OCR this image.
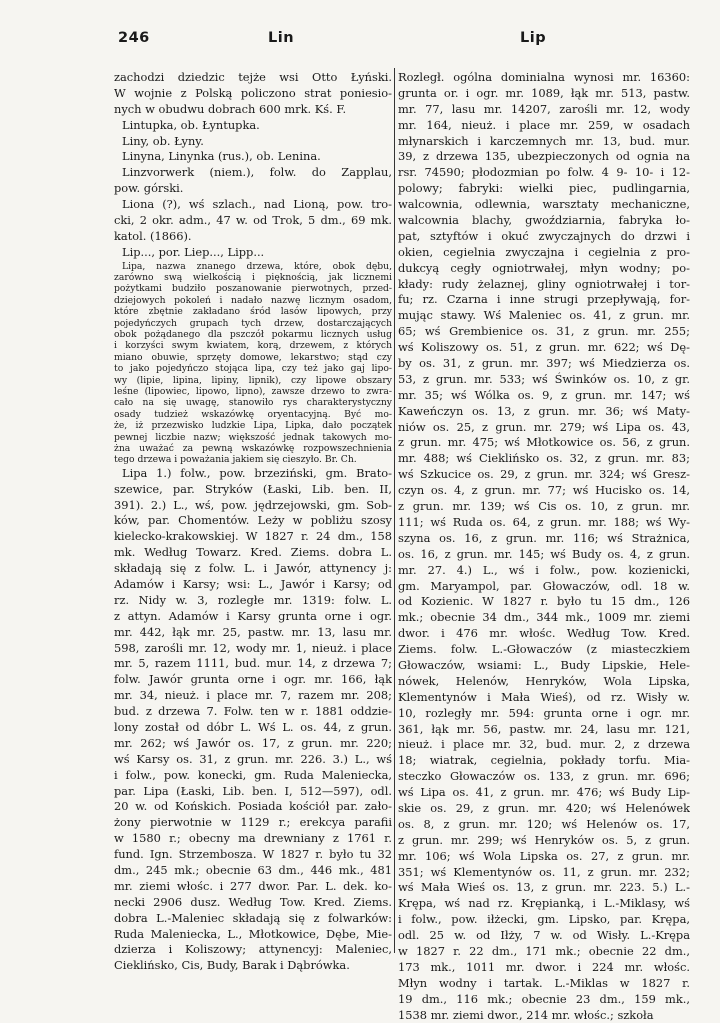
246	Lin	Lip
zachodzi dziedzic tejże wsi Otto Łyński.
W wojnie z Polską policzono strat poniesio-
nych w obudwu dobrach 600 mrk. Kś. F.
Lintupka, ob. Łyntupka.
Liny, ob. Łyny.
Linyna, Linynka (rus.), ob. Lenina.
Linzvorwerk (niem.), folw. do Zapplau,
pow. górski.
Liona (?), wś szlach., nad Lioną, pow. tro-
cki, 2 okr. adm., 47 w. od Trok, 5 dm., 69 mk.
katol. (1866).
Lip..., por. Liep..., Lipp...
Lipa, nazwa znanego drzewa, które, obok dębu,
zarówno swą wielkością i pięknością, jak licznemi
pożytkami budziło poszanowanie pierwotnych, przed-
dziejowych pokoleń i nadało nazwę licznym osadom,
które zbętnie zakładano śród lasów lipowych, przy
pojedyńczych grupach tych drzew, dostarczających
obok pożądanego dla pszczół pokarmu licznych usług
i korzyści swym kwiatem, korą, drzewem, z których
miano obuwie, sprzęty domowe, lekarstwo; stąd czy
to jako pojedyńczo stojąca lipa, czy też jako gaj lipo-
wy (lipie, lipina, lipiny, lipnik), czy lipowe obszary
leśne (lipowiec, lipowo, lipno), zawsze drzewo to zwra-
cało na się uwagę, stanowiło rys charakterystyczny
osady tudzież wskazówkę oryentacyjną. Być mo-
że, iż przezwisko ludzkie Lipa, Lipka, dało początek
pewnej liczbie nazw; większość jednak takowych mo-
żna uważać za pewną wskazówkę rozpowszechnienia
tego drzewa i poważania jakiem się cieszyło. Br. Ch.
Lipa 1.) folw., pow. brzeziński, gm. Brato-
szewice, par. Stryków (Łaski, Lib. ben. II,
391). 2.) L., wś, pow. jędrzejowski, gm. Sob-
ków, par. Chomentów. Leży w pobliżu szosy
kielecko-krakowskiej. W 1827 r. 24 dm., 158
mk. Według Towarz. Kred. Ziems. dobra L.
składają się z folw. L. i Jawór, attynency j:
Adamów i Karsy; wsi: L., Jawór i Karsy; od
rz. Nidy w. 3, rozległe mr. 1319: folw. L.
z attyn. Adamów i Karsy grunta orne i ogr.
mr. 442, łąk mr. 25, pastw. mr. 13, lasu mr.
598, zarośli mr. 12, wody mr. 1, nieuż. i place
mr. 5, razem 1111, bud. mur. 14, z drzewa 7;
folw. Jawór grunta orne i ogr. mr. 166, łąk
mr. 34, nieuż. i place mr. 7, razem mr. 208;
bud. z drzewa 7. Folw. ten w r. 1881 oddzie-
lony został od dóbr L. Wś L. os. 44, z grun.
mr. 262; wś Jawór os. 17, z grun. mr. 220;
wś Karsy os. 31, z grun. mr. 226. 3.) L., wś
i folw., pow. konecki, gm. Ruda Maleniecka,
par. Lipa (Łaski, Lib. ben. I, 512—597), odl.
20 w. od Końskich. Posiada kościół par. zało-
żony pierwotnie w 1129 r.; erekcya parafii
w 1580 r.; obecny ma drewniany z 1761 r.
fund. Ign. Strzembosza. W 1827 r. było tu 32
dm., 245 mk.; obecnie 63 dm., 446 mk., 481
mr. ziemi włośc. i 277 dwor. Par. L. dek. ko-
necki 2906 dusz. Według Tow. Kred. Ziems.
dobra L.-Maleniec składają się z folwarków:
Ruda Maleniecka, L., Młotkowice, Dębe, Mie-
dzierza i Koliszowy; attynencyj: Maleniec,
Cieklińsko, Cis, Budy, Barak i Dąbrówka.
Rozległ. ogólna dominialna wynosi mr. 16360:
grunta or. i ogr. mr. 1089, łąk mr. 513, pastw.
mr. 77, lasu mr. 14207, zarośli mr. 12, wody
mr. 164, nieuż. i place mr. 259, w osadach
młynarskich i karczemnych mr. 13, bud. mur.
39, z drzewa 135, ubezpieczonych od ognia na
rsr. 74590; płodozmian po folw. 4 9- 10- i 12-
polowy; fabryki: wielki piec, pudlingarnia,
walcownia, odlewnia, warsztaty mechaniczne,
walcownia blachy, gwoździarnia, fabryka ło-
pat, sztyftów i okuć zwyczajnych do drzwi i
okien, cegielnia zwyczajna i cegielnia z pro-
dukcyą cegły ogniotrwałej, młyn wodny; po-
kłady: rudy żelaznej, gliny ogniotrwałej i tor-
fu; rz. Czarna i inne strugi przepływają, for-
mując stawy. Wś Maleniec os. 41, z grun. mr.
65; wś Grembienice os. 31, z grun. mr. 255;
wś Koliszowy os. 51, z grun. mr. 622; wś Dę-
by os. 31, z grun. mr. 397; wś Miedzierza os.
53, z grun. mr. 533; wś Świnków os. 10, z gr.
mr. 35; wś Wólka os. 9, z grun. mr. 147; wś
Kaweńczyn os. 13, z grun. mr. 36; wś Maty-
niów os. 25, z grun. mr. 279; wś Lipa os. 43,
z grun. mr. 475; wś Młotkowice os. 56, z grun.
mr. 488; wś Cieklińsko os. 32, z grun. mr. 83;
wś Szkucice os. 29, z grun. mr. 324; wś Gresz-
czyn os. 4, z grun. mr. 77; wś Hucisko os. 14,
z grun. mr. 139; wś Cis os. 10, z grun. mr.
111; wś Ruda os. 64, z grun. mr. 188; wś Wy-
szyna os. 16, z grun. mr. 116; wś Strażnica,
os. 16, z grun. mr. 145; wś Budy os. 4, z grun.
mr. 27. 4.) L., wś i folw., pow. kozienicki,
gm. Maryampol, par. Głowaczów, odl. 18 w.
od Kozienic. W 1827 r. było tu 15 dm., 126
mk.; obecnie 34 dm., 344 mk., 1009 mr. ziemi
dwor. i 476 mr. włośc. Według Tow. Kred.
Ziems. folw. L.-Głowaczów (z miasteczkiem
Głowaczów, wsiami: L., Budy Lipskie, Hele-
nówek, Helenów, Henryków, Wola Lipska,
Klementynów i Mała Wieś), od rz. Wisły w.
10, rozległy mr. 594: grunta orne i ogr. mr.
361, łąk mr. 56, pastw. mr. 24, lasu mr. 121,
nieuż. i place mr. 32, bud. mur. 2, z drzewa
18; wiatrak, cegielnia, pokłady torfu. Mia-
steczko Głowaczów os. 133, z grun. mr. 696;
wś Lipa os. 41, z grun. mr. 476; wś Budy Lip-
skie os. 29, z grun. mr. 420; wś Helenówek
os. 8, z grun. mr. 120; wś Helenów os. 17,
z grun. mr. 299; wś Henryków os. 5, z grun.
mr. 106; wś Wola Lipska os. 27, z grun. mr.
351; wś Klementynów os. 11, z grun. mr. 232;
wś Mała Wieś os. 13, z grun. mr. 223. 5.) L.-
Krępa, wś nad rz. Krępianką, i L.-Miklasy, wś
i folw., pow. iłżecki, gm. Lipsko, par. Krępa,
odl. 25 w. od Iłży, 7 w. od Wisły. L.-Krępa
w 1827 r. 22 dm., 171 mk.; obecnie 22 dm.,
173 mk., 1011 mr. dwor. i 224 mr. włośc.
Młyn wodny i tartak. L.-Miklas w 1827 r.
19 dm., 116 mk.; obecnie 23 dm., 159 mk.,
1538 mr. ziemi dwor., 214 mr. włośc.; szkoła
